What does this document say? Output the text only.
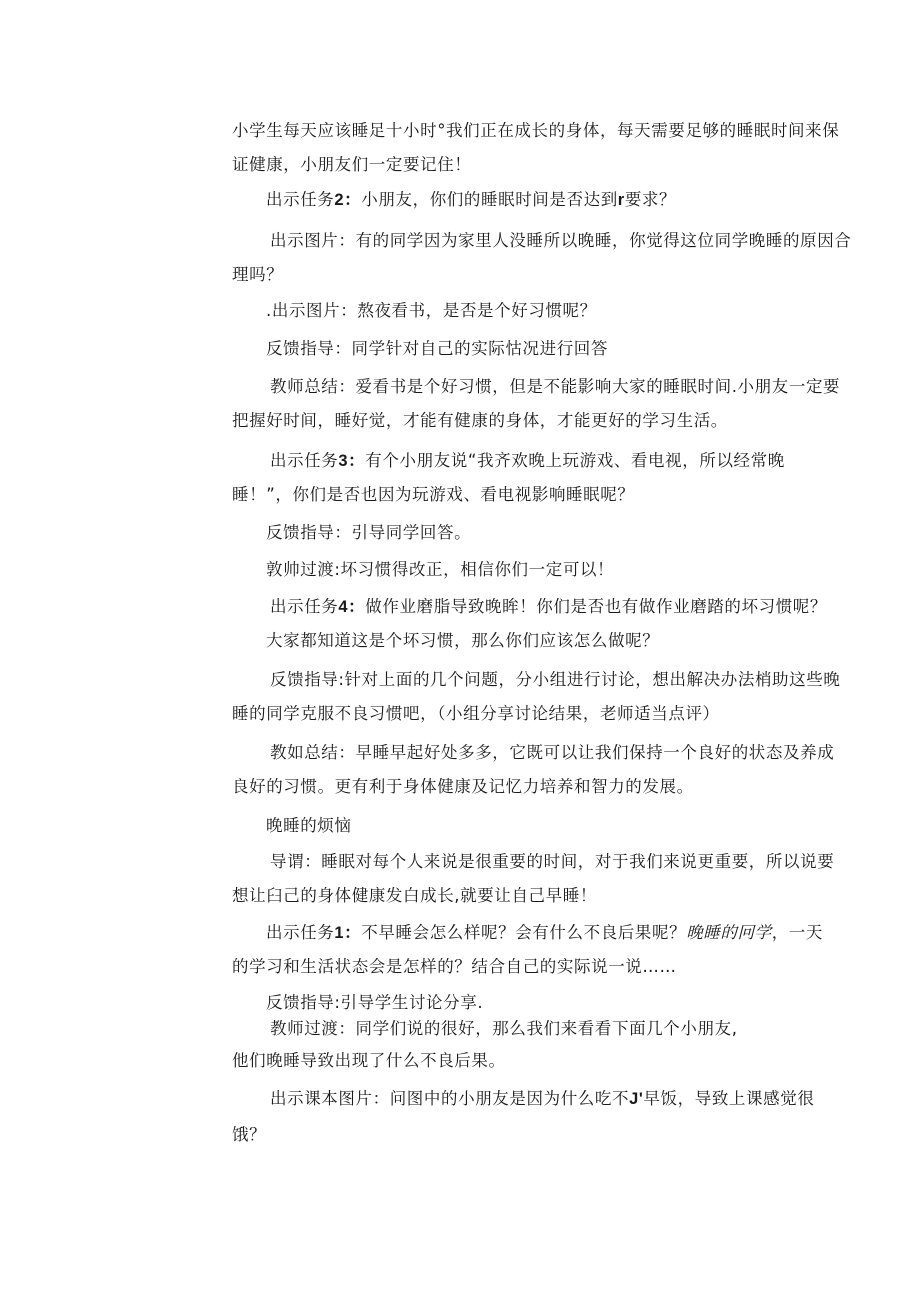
小学生每天应该睡足十小时°我们正在成长的身体，每天需要足够的睡眠时间来保
证健康，小朋友们一定要记住！
出示任务2：小朋友，你们的睡眠时间是否达到r要求？
出示图片：有的同学因为家里人没睡所以晚睡，你觉得这位同学晚睡的原因合
理吗？
.出示图片：熬夜看书，是否是个好习惯呢？
反馈指导：同学针对自己的实际怙况进行回答
教师总结：爱看书是个好习惯，但是不能影响大家的睡眠时间.小朋友一定要
把握好时间，睡好觉，才能有健康的身体，才能更好的学习生活。
出示任务3：有个小朋友说“我齐欢晚上玩游戏、看电视，所以经常晚
睡！”，你们是否也因为玩游戏、看电视影响睡眠呢？
反馈指导：引导同学回答。
敦帅过渡:坏习惯得改正，相信你们一定可以！
出示任务4：做作业磨脂导致晚眸！你们是否也有做作业磨踏的坏习惯呢？
大家都知道这是个坏习惯，那么你们应该怎么做呢？
反馈指导:针对上面的几个问题，分小组进行讨论，想出解决办法梢助这些晚
睡的同学克服不良习惯吧，（小组分享讨论结果，老师适当点评）
教如总结：早睡早起好处多多，它既可以让我们保持一个良好的状态及养成
良好的习惯。更有利于身体健康及记忆力培养和智力的发展。
晚睡的烦恼
导谓：睡眠对每个人来说是很重要的时间，对于我们来说更重要，所以说要
想让臼己的身体健康发白成长,就要让自己早睡！
出示任务1：不早睡会怎么样呢？会有什么不良后果呢？晚睡的冋学，一天
的学习和生活状态会是怎样的？结合自己的实际说一说……
反馈指导:引导学生讨论分享.
教师过渡：同学们说的很好，那么我们来看看下面几个小朋友,
他们晚睡导致出现了什么不良后果。
出示课本图片：问图中的小朋友是因为什么吃不J'早饭，导致上课感觉很
饿？
